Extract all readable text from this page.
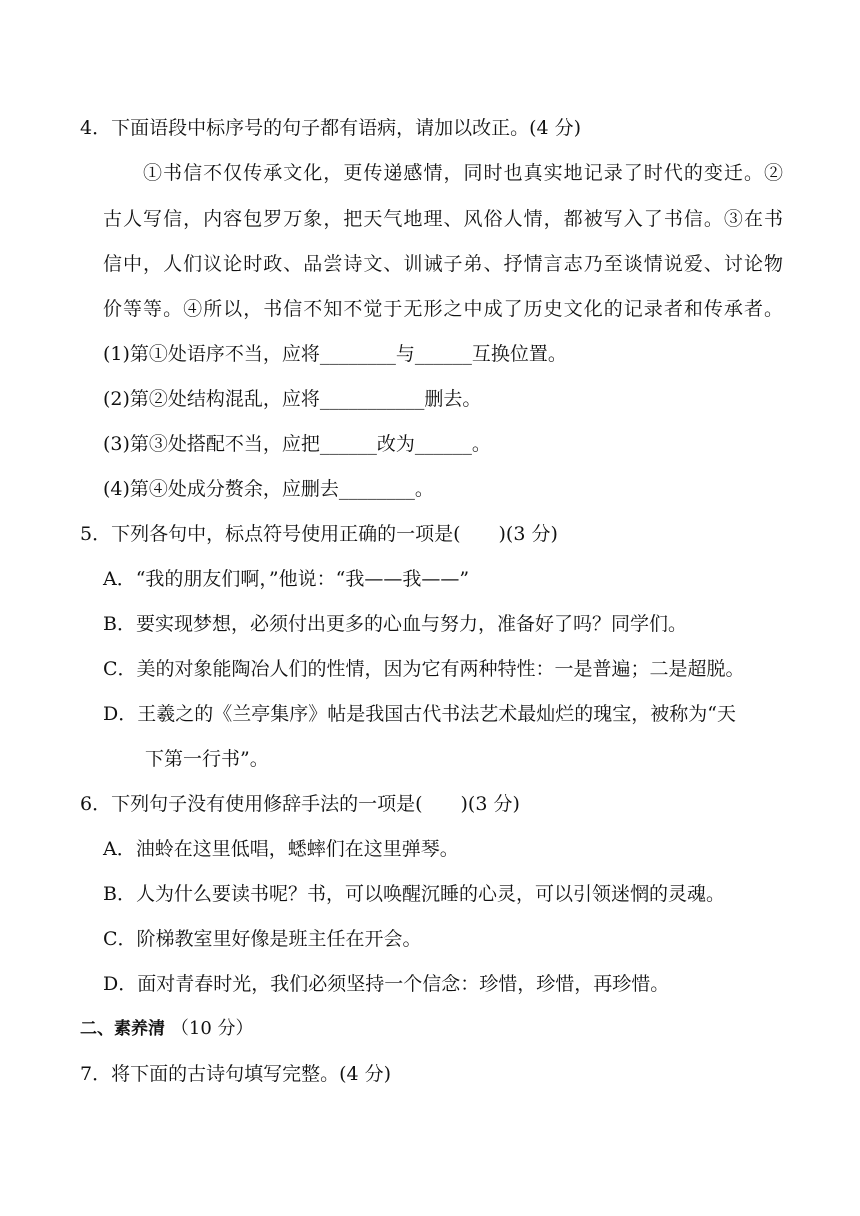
4．下面语段中标序号的句子都有语病，请加以改正。(4 分)
①书信不仅传承文化，更传递感情，同时也真实地记录了时代的变迁。②
古人写信，内容包罗万象，把天气地理、风俗人情，都被写入了书信。③在书
信中，人们议论时政、品尝诗文、训诫子弟、抒情言志乃至谈情说爱、讨论物
价等等。④所以，书信不知不觉于无形之中成了历史文化的记录者和传承者。
(1)第①处语序不当，应将________与______互换位置。
(2)第②处结构混乱，应将___________删去。
(3)第③处搭配不当，应把______改为______。
(4)第④处成分赘余，应删去________。
5．下列各句中，标点符号使用正确的一项是(　　)(3 分)
A．“我的朋友们啊，”他说：“我——我——”
B．要实现梦想，必须付出更多的心血与努力，准备好了吗？同学们。
C．美的对象能陶冶人们的性情，因为它有两种特性：一是普遍；二是超脱。
D．王羲之的《兰亭集序》帖是我国古代书法艺术最灿烂的瑰宝，被称为“天
下第一行书”。
6．下列句子没有使用修辞手法的一项是(　　)(3 分)
A．油蛉在这里低唱，蟋蟀们在这里弹琴。
B．人为什么要读书呢？书，可以唤醒沉睡的心灵，可以引领迷惘的灵魂。
C．阶梯教室里好像是班主任在开会。
D．面对青春时光，我们必须坚持一个信念：珍惜，珍惜，再珍惜。
二、素养清 （10 分）
7．将下面的古诗句填写完整。(4 分)
